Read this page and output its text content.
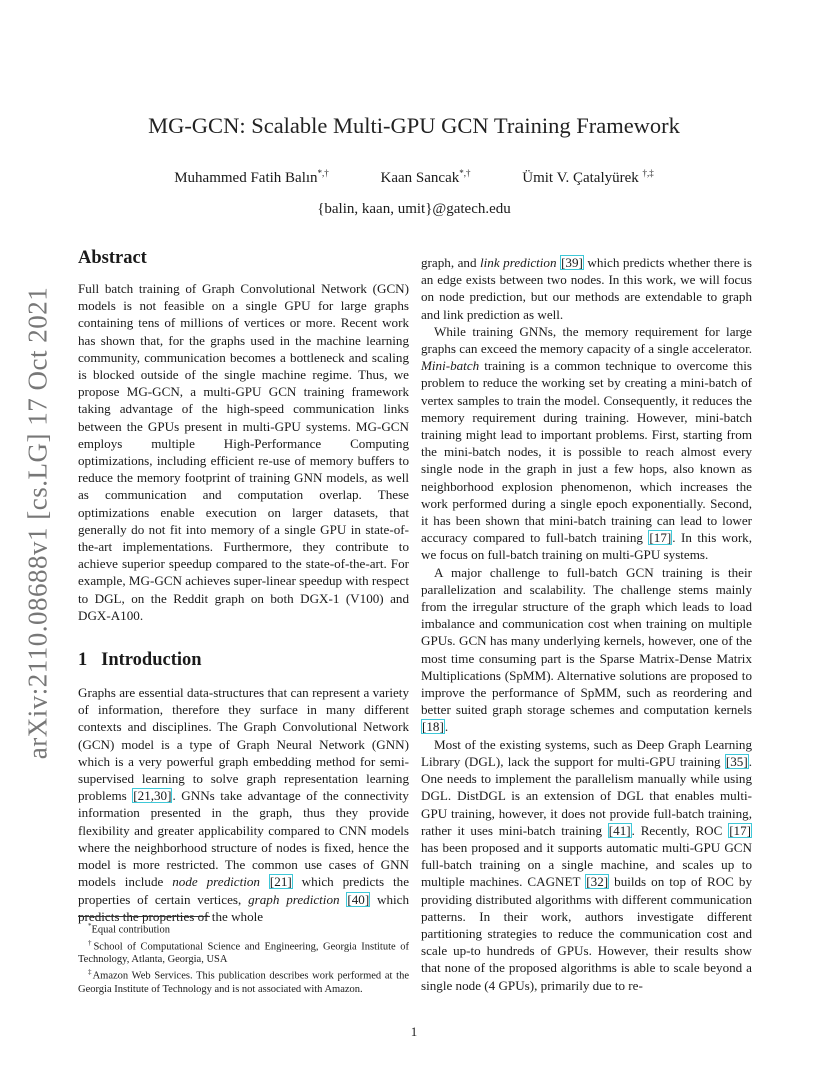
arXiv:2110.08688v1 [cs.LG] 17 Oct 2021
MG-GCN: Scalable Multi-GPU GCN Training Framework
Muhammed Fatih Balın*,†	Kaan Sancak*,†	Ümit V. Çatalyürek †,‡
{balin, kaan, umit}@gatech.edu
Abstract

Full batch training of Graph Convolutional Network (GCN) models is not feasible on a single GPU for large graphs containing tens of millions of vertices or more. Recent work has shown that, for the graphs used in the machine learning community, communication becomes a bottleneck and scaling is blocked outside of the single machine regime. Thus, we propose MG-GCN, a multi-GPU GCN training framework taking advantage of the high-speed communication links between the GPUs present in multi-GPU systems. MG-GCN employs multiple High-Performance Computing optimizations, including efficient re-use of memory buffers to reduce the memory footprint of training GNN models, as well as communication and computation overlap. These optimizations enable execution on larger datasets, that generally do not fit into memory of a single GPU in state-of-the-art implementations. Furthermore, they contribute to achieve superior speedup compared to the state-of-the-art. For example, MG-GCN achieves super-linear speedup with respect to DGL, on the Reddit graph on both DGX-1 (V100) and DGX-A100.

1 Introduction

Graphs are essential data-structures that can represent a variety of information, therefore they surface in many different contexts and disciplines. The Graph Convolutional Network (GCN) model is a type of Graph Neural Network (GNN) which is a very powerful graph embedding method for semi-supervised learning to solve graph representation learning problems [21,30]. GNNs take advantage of the connectivity information presented in the graph, thus they provide flexibility and greater applicability compared to CNN models where the neighborhood structure of nodes is fixed, hence the model is more restricted. The common use cases of GNN models include node prediction [21] which predicts the properties of certain vertices, graph prediction [40] which predicts the properties of the whole

graph, and link prediction [39] which predicts whether there is an edge exists between two nodes. In this work, we will focus on node prediction, but our methods are extendable to graph and link prediction as well.

While training GNNs, the memory requirement for large graphs can exceed the memory capacity of a single accelerator. Mini-batch training is a common technique to overcome this problem to reduce the working set by creating a mini-batch of vertex samples to train the model. Consequently, it reduces the memory requirement during training. However, mini-batch training might lead to important problems. First, starting from the mini-batch nodes, it is possible to reach almost every single node in the graph in just a few hops, also known as neighborhood explosion phenomenon, which increases the work performed during a single epoch exponentially. Second, it has been shown that mini-batch training can lead to lower accuracy compared to full-batch training [17]. In this work, we focus on full-batch training on multi-GPU systems.

A major challenge to full-batch GCN training is their parallelization and scalability. The challenge stems mainly from the irregular structure of the graph which leads to load imbalance and communication cost when training on multiple GPUs. GCN has many underlying kernels, however, one of the most time consuming part is the Sparse Matrix-Dense Matrix Multiplications (SpMM). Alternative solutions are proposed to improve the performance of SpMM, such as reordering and better suited graph storage schemes and computation kernels [18].

Most of the existing systems, such as Deep Graph Learning Library (DGL), lack the support for multi-GPU training [35]. One needs to implement the parallelism manually while using DGL. DistDGL is an extension of DGL that enables multi-GPU training, however, it does not provide full-batch training, rather it uses mini-batch training [41]. Recently, ROC [17] has been proposed and it supports automatic multi-GPU GCN full-batch training on a single machine, and scales up to multiple machines. CAGNET [32] builds on top of ROC by providing distributed algorithms with different communication patterns. In their work, authors investigate different partitioning strategies to reduce the communication cost and scale up-to hundreds of GPUs. However, their results show that none of the proposed algorithms is able to scale beyond a single node (4 GPUs), primarily due to re-

*Equal contribution

†School of Computational Science and Engineering, Georgia Institute of Technology, Atlanta, Georgia, USA

‡Amazon Web Services. This publication describes work performed at the Georgia Institute of Technology and is not associated with Amazon.

1
